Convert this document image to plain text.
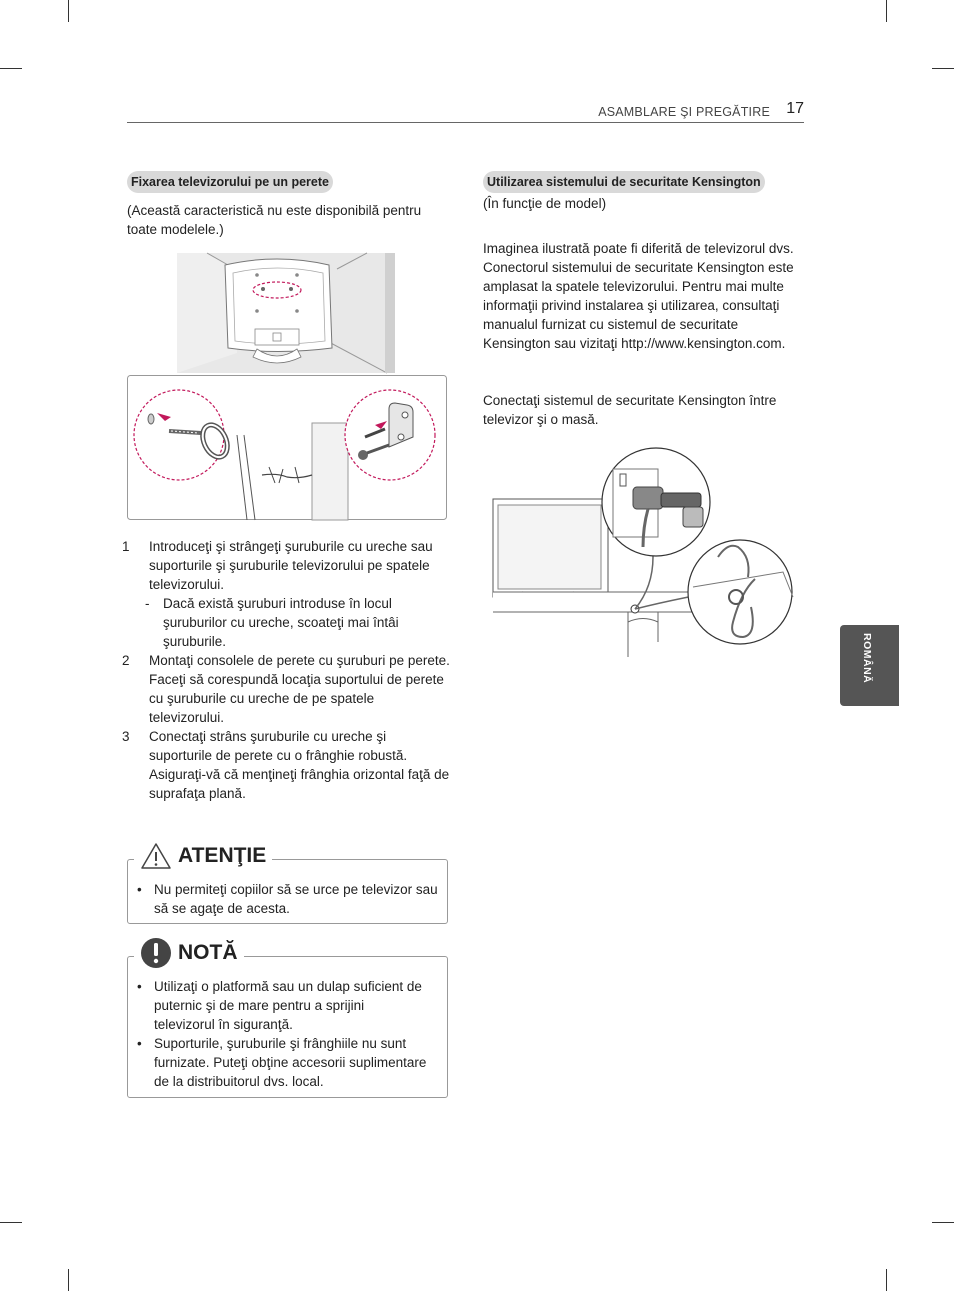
ASAMBLARE ŞI PREGĂTIRE 17
ROMÂNĂ
Fixarea televizorului pe un perete
(Această caracteristică nu este disponibilă pentru toate modelele.)
1 Introduceţi şi strângeţi şuruburile cu ureche sau suporturile şi şuruburile televizorului pe spatele televizorului.
- Dacă există şuruburi introduse în locul şuruburilor cu ureche, scoateţi mai întâi şuruburile.
2 Montaţi consolele de perete cu şuruburi pe perete.
Faceţi să corespundă locaţia suportului de perete cu şuruburile cu ureche de pe spatele televizorului.
3 Conectaţi strâns şuruburile cu ureche şi suporturile de perete cu o frânghie robustă.
Asiguraţi-vă că menţineţi frânghia orizontal faţă de suprafaţa plană.
ATENŢIE
• Nu permiteţi copiilor să se urce pe televizor sau să se agaţe de acesta.
NOTĂ
• Utilizaţi o platformă sau un dulap suficient de puternic şi de mare pentru a sprijini televizorul în siguranţă.
• Suporturile, şuruburile şi frânghiile nu sunt furnizate. Puteţi obţine accesorii suplimentare de la distribuitorul dvs. local.
Utilizarea sistemului de securitate Kensington
(În funcţie de model)
Imaginea ilustrată poate fi diferită de televizorul dvs. Conectorul sistemului de securitate Kensington este amplasat la spatele televizorului. Pentru mai multe informaţii privind instalarea şi utilizarea, consultaţi manualul furnizat cu sistemul de securitate Kensington sau vizitaţi http://www.kensington.com.
Conectaţi sistemul de securitate Kensington între televizor şi o masă.
